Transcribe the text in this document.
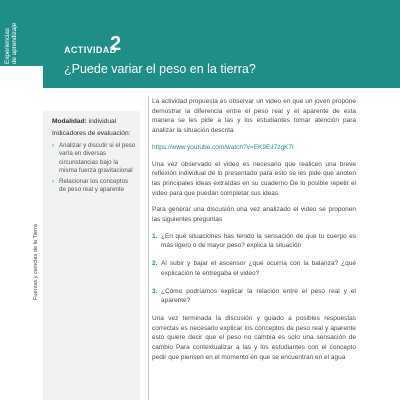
Experiencias de aprendizaje
Fuerzas y ciencias de la Tierra
ACTIVIDAD
2
¿Puede variar el peso en la tierra?
Modalidad: individual
Indicadores de evaluación:
› Analizar y discutir si el peso varía en diversas circunstancias bajo la misma fuerza gravitacional
› Relacionar los conceptos de peso real y aparente

La actividad propuesta es observar un video en que un joven propone demostrar la diferencia entre el peso real y el aparente de esta manera se les pide a las y los estudiantes tomar atención para analizar la situación descrita

https://www.youtube.com/watch?v=EK9EJ7zgK7I

Una vez observado el video es necesario que realicen una breve reflexión individual de lo presentado para esto se les pide que anoten las principales ideas extraídas en su cuaderno De lo posible repetir el video para que puedan completar sus ideas

Para generar una discusión una vez analizado el video se proponen las siguientes preguntas

1. ¿En qué situaciones has tenido la sensación de que tu cuerpo es más ligero o de mayor peso? explica la situación
2. Al subir y bajar el ascensor ¿qué ocurría con la balanza? ¿qué explicación te entregaba el video?
3. ¿Cómo podríamos explicar la relación entre el peso real y el aparente?

Una vez terminada la discusión y guiado a posibles respuestas correctas es necesario explicar los conceptos de peso real y aparente esto quiere decir que el peso no cambia es solo una sensación de cambio Para contextualizar a las y los estudiantes con el concepto pedir que piensen en el momento en que se encuentran en el agua
